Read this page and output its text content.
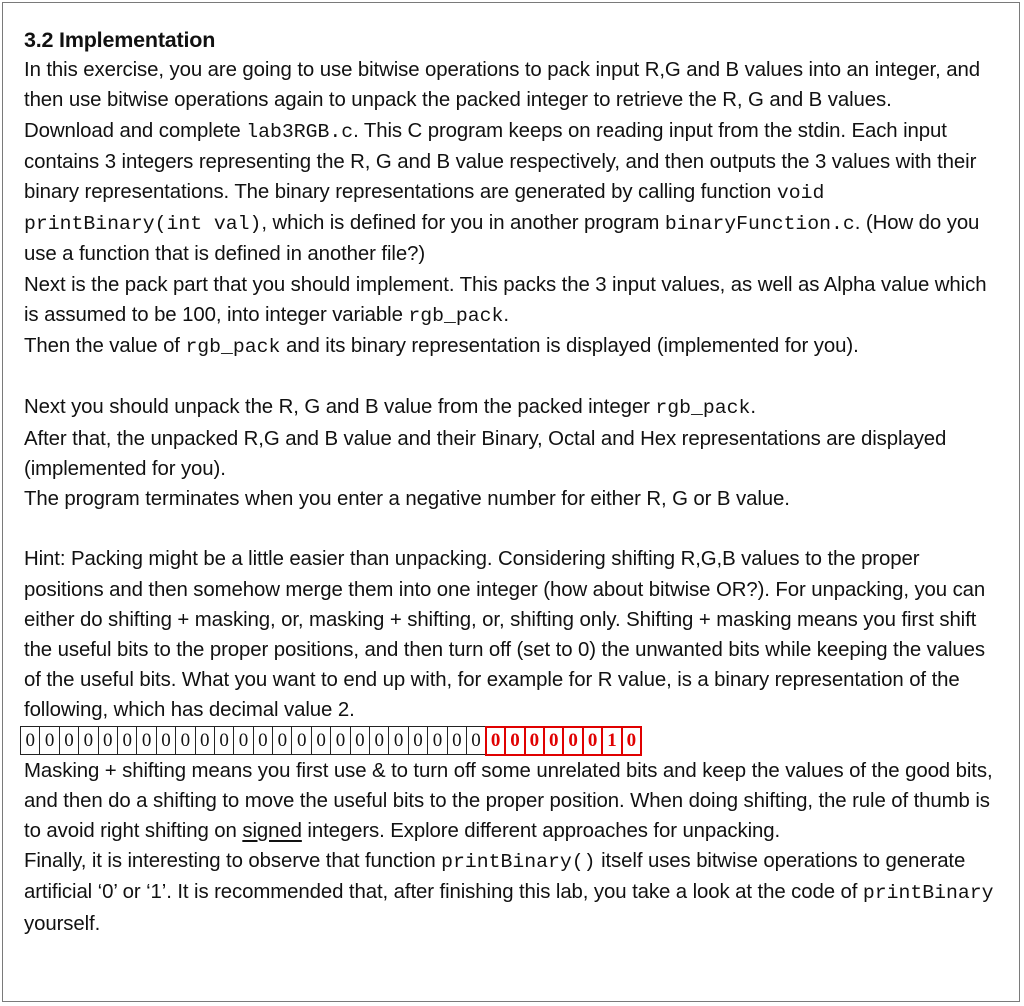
3.2 Implementation

In this exercise, you are going to use bitwise operations to pack input R,G and B values into an integer, and then use bitwise operations again to unpack the packed integer to retrieve the R, G and B values.

Download and complete lab3RGB.c. This C program keeps on reading input from the stdin. Each input contains 3 integers representing the R, G and B value respectively, and then outputs the 3 values with their binary representations. The binary representations are generated by calling function void printBinary(int val), which is defined for you in another program binaryFunction.c. (How do you use a function that is defined in another file?)

Next is the pack part that you should implement. This packs the 3 input values, as well as Alpha value which is assumed to be 100, into integer variable rgb_pack.

Then the value of rgb_pack and its binary representation is displayed (implemented for you).

Next you should unpack the R, G and B value from the packed integer rgb_pack.

After that, the unpacked R,G and B value and their Binary, Octal and Hex representations are displayed (implemented for you).

The program terminates when you enter a negative number for either R, G or B value.

Hint: Packing might be a little easier than unpacking. Considering shifting R,G,B values to the proper positions and then somehow merge them into one integer (how about bitwise OR?). For unpacking, you can either do shifting + masking, or, masking + shifting, or, shifting only. Shifting + masking means you first shift the useful bits to the proper positions, and then turn off (set to 0) the unwanted bits while keeping the values of the useful bits. What you want to end up with, for example for R value, is a binary representation of the following, which has decimal value 2.

0	0	0	0	0	0	0	0	0	0	0	0	0	0	0	0	0	0	0	0	0	0	0	0	0	0	0	0	0	0	1	0

Masking + shifting means you first use & to turn off some unrelated bits and keep the values of the good bits, and then do a shifting to move the useful bits to the proper position. When doing shifting, the rule of thumb is to avoid right shifting on signed integers. Explore different approaches for unpacking.

Finally, it is interesting to observe that function printBinary() itself uses bitwise operations to generate artificial ‘0’ or ‘1’. It is recommended that, after finishing this lab, you take a look at the code of printBinary yourself.
